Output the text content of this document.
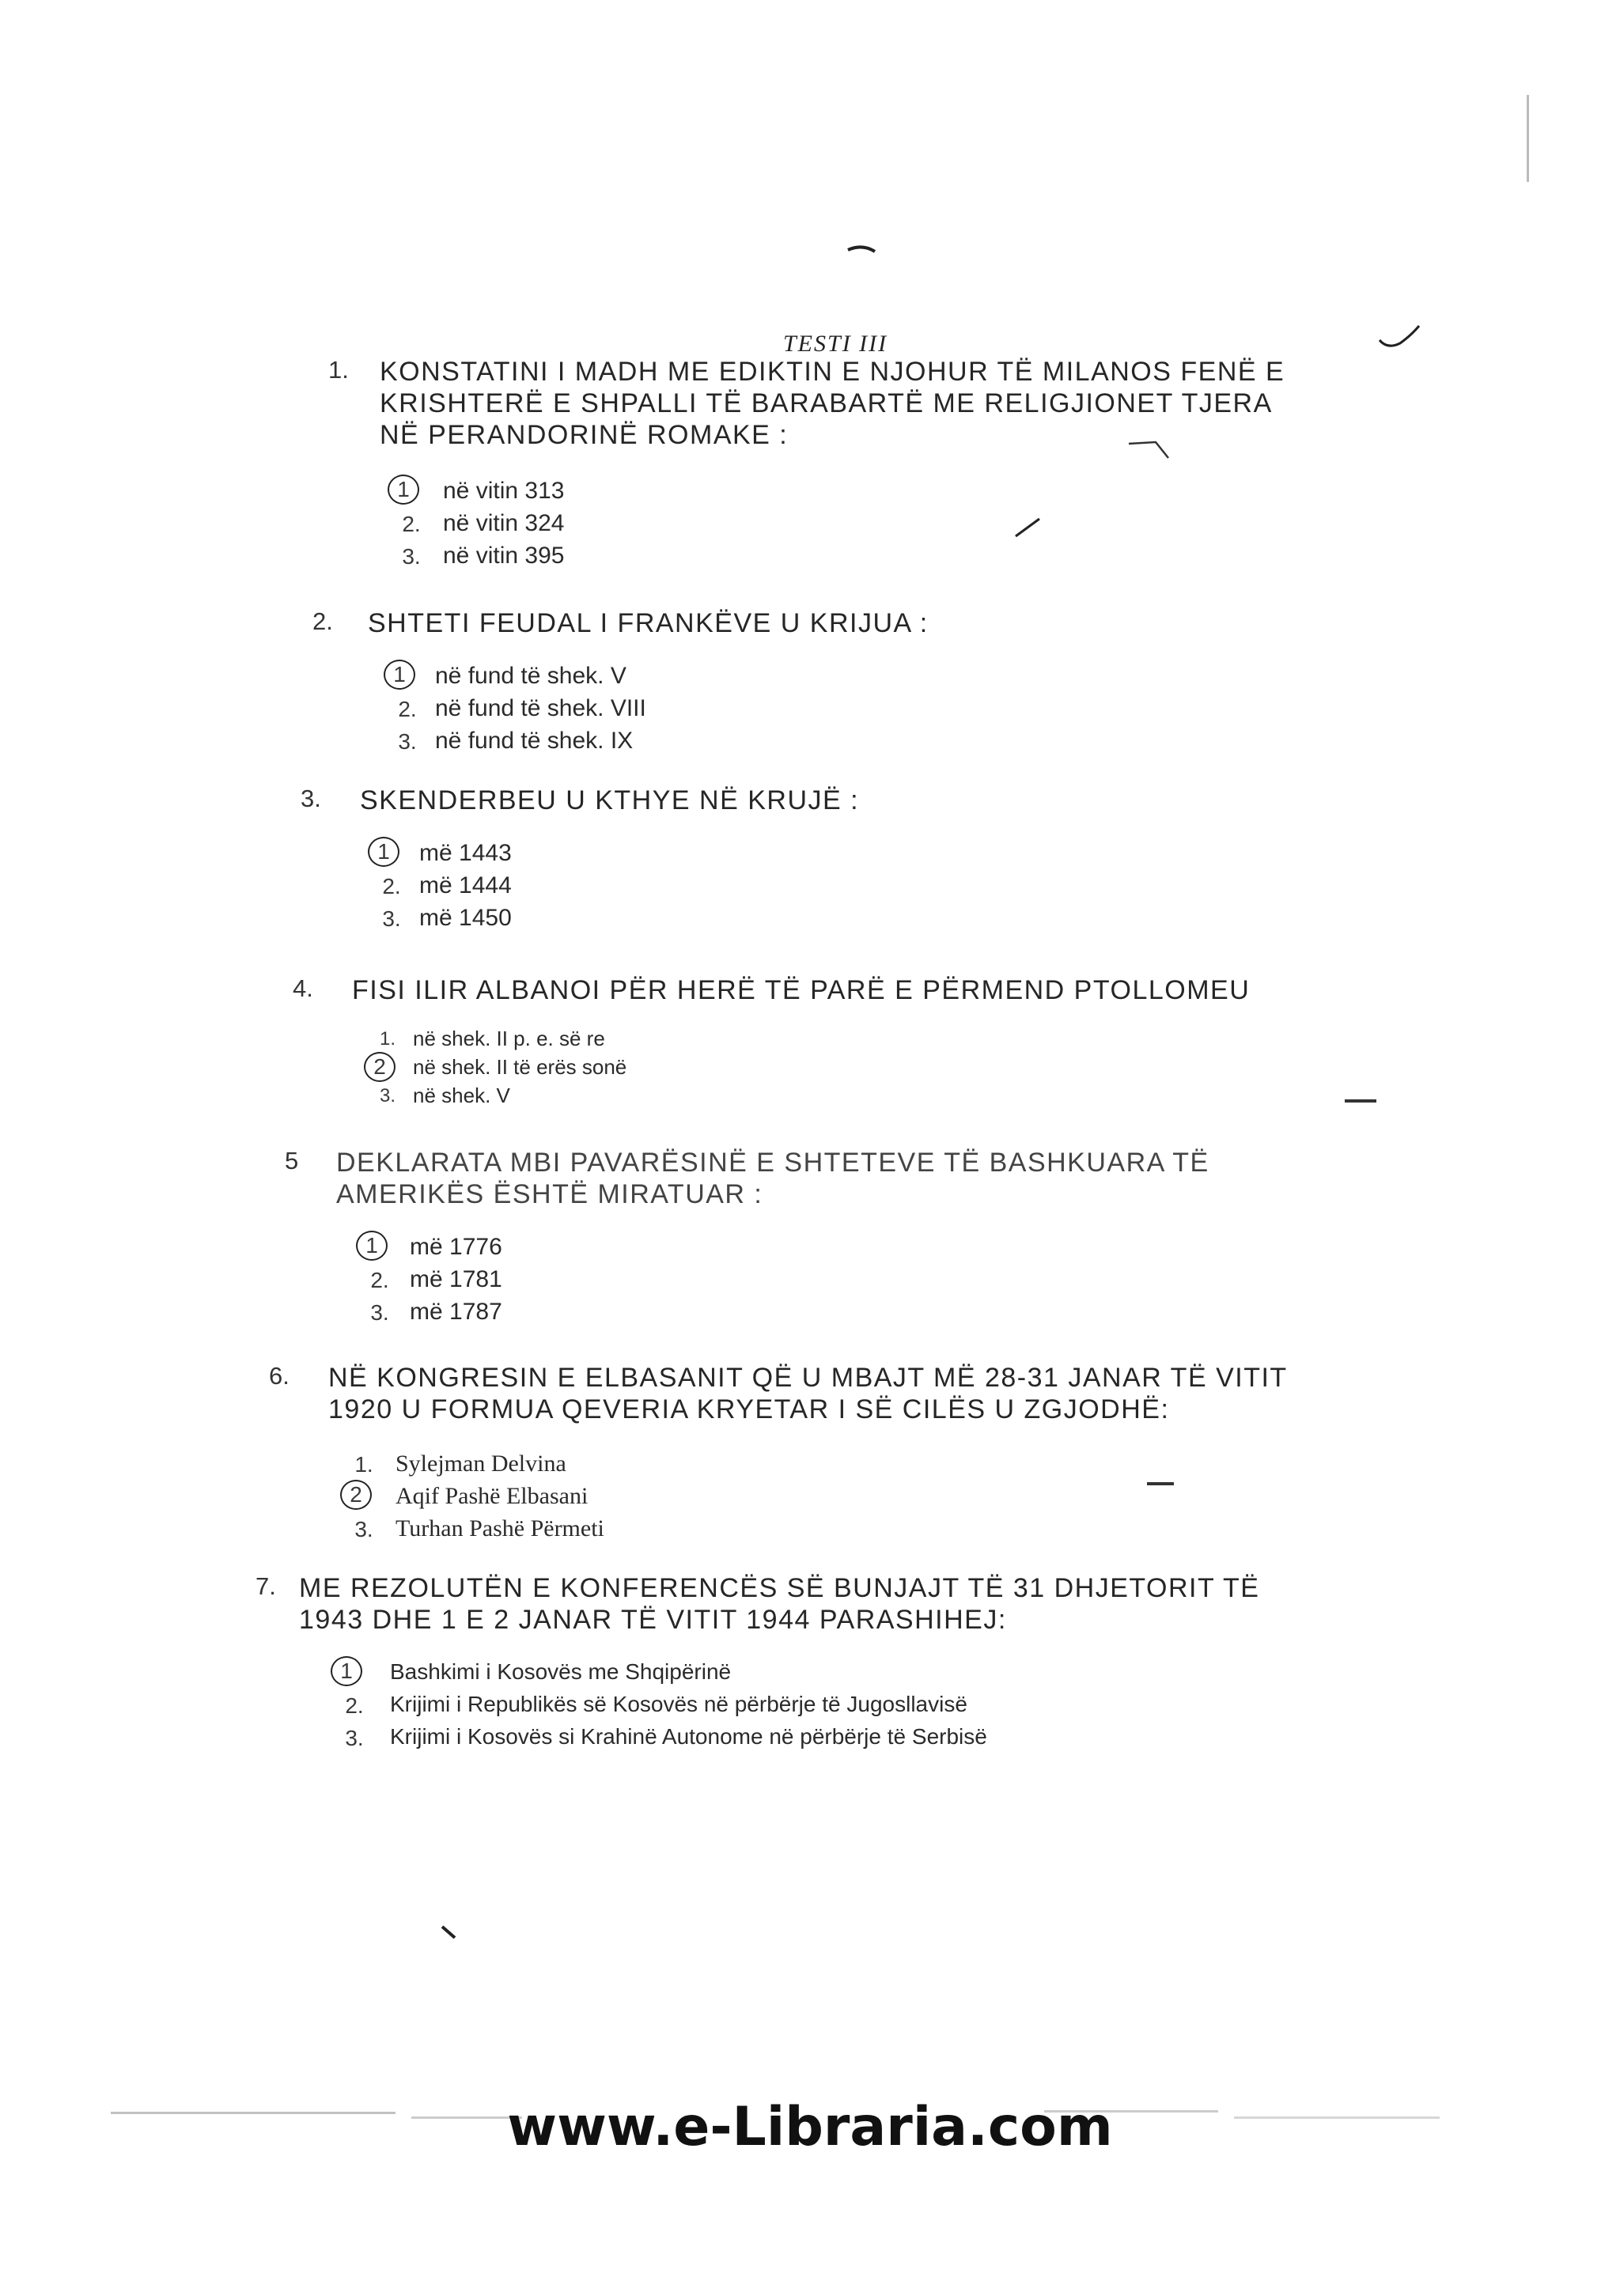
TESTI III
1. KONSTATINI I MADH ME EDIKTIN E NJOHUR TË MILANOS FENË E KRISHTERË E SHPALLI TË BARABARTË ME RELIGJIONET TJERA NË PERANDORINË ROMAKE :
1	në vitin 313
2. në vitin 324
3. në vitin 395
2. SHTETI FEUDAL I FRANKËVE U KRIJUA :
1	në fund të shek. V
2. në fund të shek. VIII
3. në fund të shek. IX
3. SKENDERBEU U KTHYE NË KRUJË :
1	më 1443
2. më 1444
3. më 1450
4. FISI ILIR ALBANOI PËR HERË TË PARË E PËRMEND PTOLLOMEU
1. në shek. II p. e. së re
2	në shek. II të erës sonë
3. në shek. V
5 DEKLARATA MBI PAVARËSINË E SHTETEVE TË BASHKUARA TË AMERIKËS ËSHTË MIRATUAR :
1	më 1776
2. më 1781
3. më 1787
6. NË KONGRESIN E ELBASANIT QË U MBAJT MË 28-31 JANAR TË VITIT 1920 U FORMUA QEVERIA KRYETAR I SË CILËS U ZGJODHË:
1. Sylejman Delvina
2	Aqif Pashë Elbasani
3. Turhan Pashë Përmeti
7. ME REZOLUTËN E KONFERENCËS SË BUNJAJT TË 31 DHJETORIT TË 1943 DHE 1 E 2 JANAR TË VITIT 1944 PARASHIHEJ:
1	Bashkimi i Kosovës me Shqipërinë
2. Krijimi i Republikës së Kosovës në përbërje të Jugosllavisë
3. Krijimi i Kosovës si Krahinë Autonome në përbërje të Serbisë
www.e-Libraria.com
